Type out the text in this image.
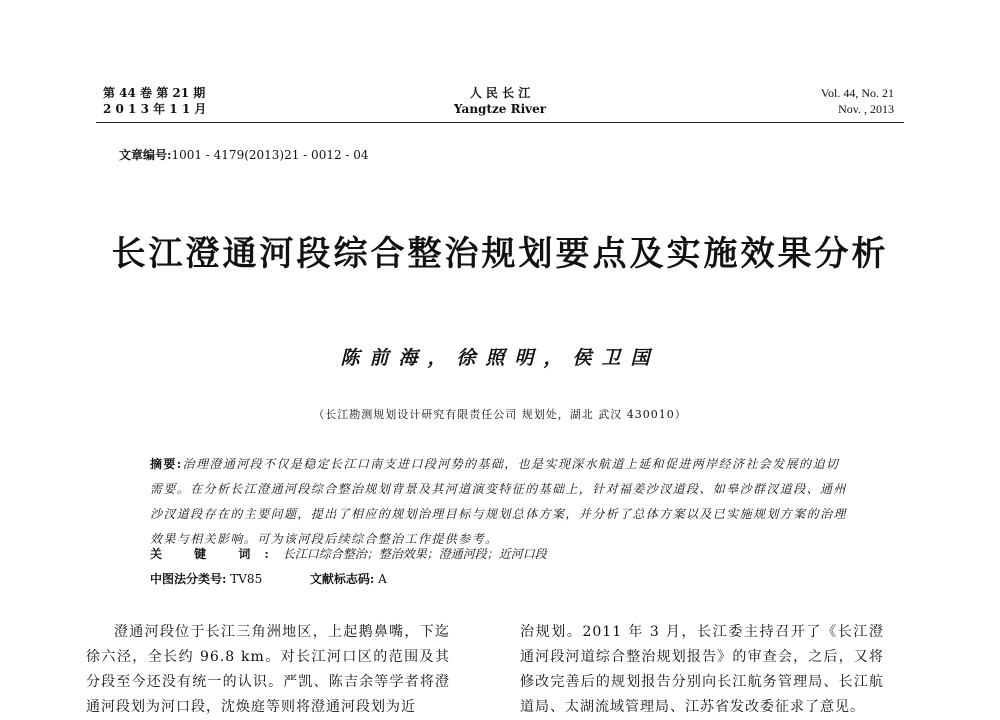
第 44 卷 第 21 期
2 0 1 3 年 1 1 月
人 民 长 江
Yangtze River
Vol. 44, No. 21
Nov. , 2013
文章编号:1001 - 4179(2013)21 - 0012 - 04
长江澄通河段综合整治规划要点及实施效果分析
陈前海，徐照明，侯卫国
（长江勘测规划设计研究有限责任公司 规划处，湖北 武汉 430010）
摘要:治理澄通河段不仅是稳定长江口南支进口段河势的基础，也是实现深水航道上延和促进两岸经济社会发展的迫切需要。在分析长江澄通河段综合整治规划背景及其河道演变特征的基础上，针对福姜沙汊道段、如皋沙群汊道段、通州沙汊道段存在的主要问题，提出了相应的规划治理目标与规划总体方案，并分析了总体方案以及已实施规划方案的治理效果与相关影响。可为该河段后续综合整治工作提供参考。
关 键 词:长江口综合整治；整治效果；澄通河段；近河口段
中图法分类号: TV85	文献标志码: A
澄通河段位于长江三角洲地区，上起鹅鼻嘴，下迄徐六泾，全长约 96.8 km。对长江河口区的范围及其分段至今还没有统一的认识。严凯、陈吉余等学者将澄通河段划为河口段，沈焕庭等则将澄通河段划为近
治规划。2011 年 3 月，长江委主持召开了《长江澄通河段河道综合整治规划报告》的审查会，之后，又将修改完善后的规划报告分别向长江航务管理局、长江航道局、太湖流域管理局、江苏省发改委征求了意见。
